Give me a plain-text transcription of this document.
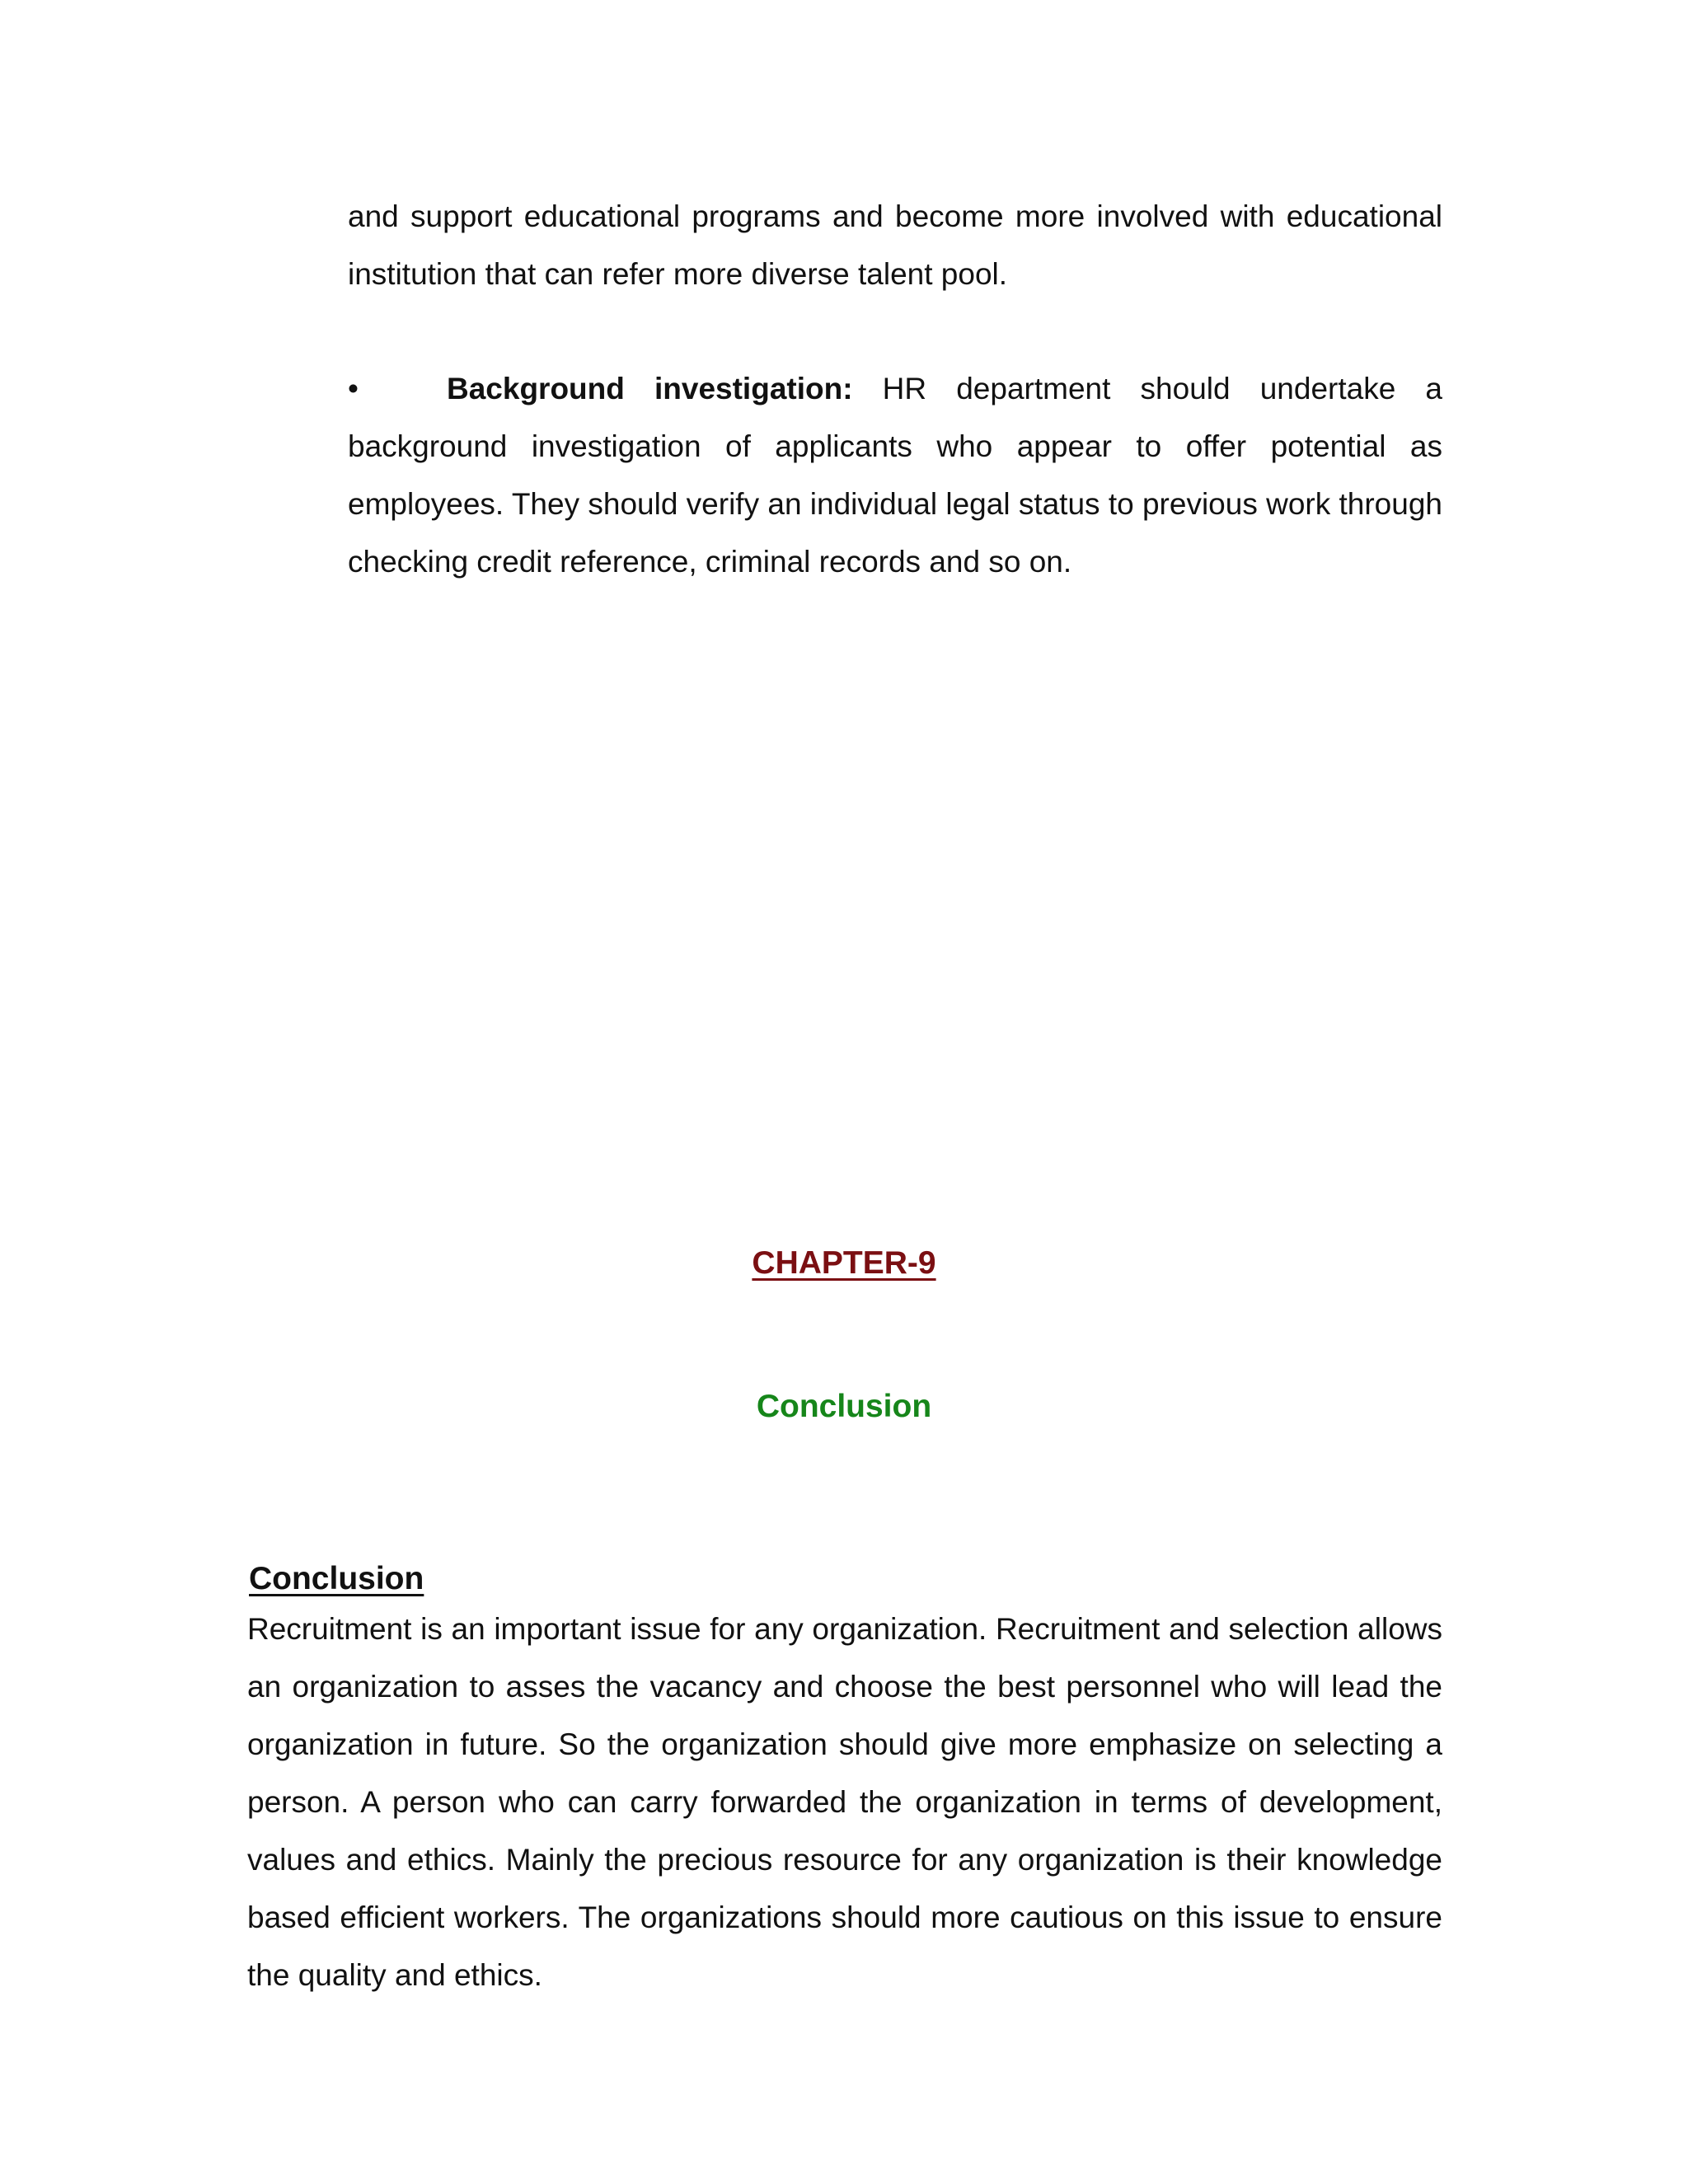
and support educational programs and become more involved with educational institution that can refer more diverse talent pool.

•	Background investigation: HR department should undertake a background investigation of applicants who appear to offer potential as employees. They should verify an individual legal status to previous work through checking credit reference, criminal records and so on.

CHAPTER-9
Conclusion
Conclusion

Recruitment is an important issue for any organization. Recruitment and selection allows an organization to asses the vacancy and choose the best personnel who will lead the organization in future. So the organization should give more emphasize on selecting a person. A person who can carry forwarded the organization in terms of development, values and ethics. Mainly the precious resource for any organization is their knowledge based efficient workers. The organizations should more cautious on this issue to ensure the quality and ethics.
